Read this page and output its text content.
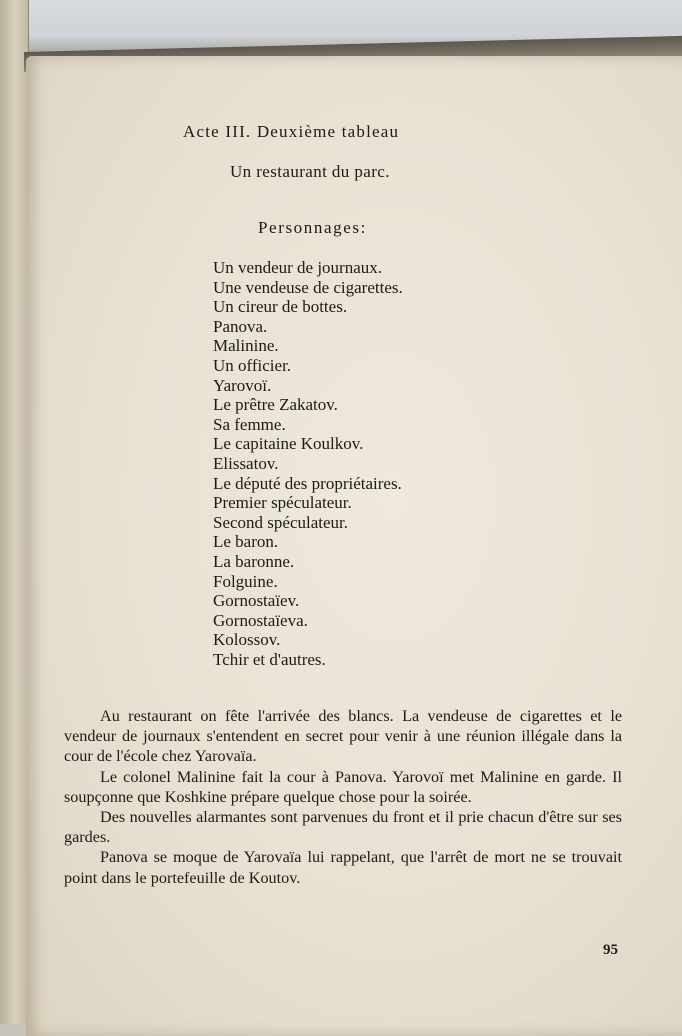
Acte III. Deuxième tableau
Un restaurant du parc.
Personnages:
Un vendeur de journaux.
Une vendeuse de cigarettes.
Un cireur de bottes.
Panova.
Malinine.
Un officier.
Yarovoï.
Le prêtre Zakatov.
Sa femme.
Le capitaine Koulkov.
Elissatov.
Le député des propriétaires.
Premier spéculateur.
Second spéculateur.
Le baron.
La baronne.
Folguine.
Gornostaïev.
Gornostaïeva.
Kolossov.
Tchir et d'autres.

Au restaurant on fête l'arrivée des blancs. La vendeuse de cigarettes et le vendeur de journaux s'entendent en secret pour venir à une réunion illégale dans la cour de l'école chez Yarovaïa.

Le colonel Malinine fait la cour à Panova. Yarovoï met Malinine en garde. Il soupçonne que Koshkine prépare quelque chose pour la soirée.

Des nouvelles alarmantes sont parvenues du front et il prie chacun d'être sur ses gardes.

Panova se moque de Yarovaïa lui rappelant, que l'arrêt de mort ne se trouvait point dans le portefeuille de Koutov.

95
